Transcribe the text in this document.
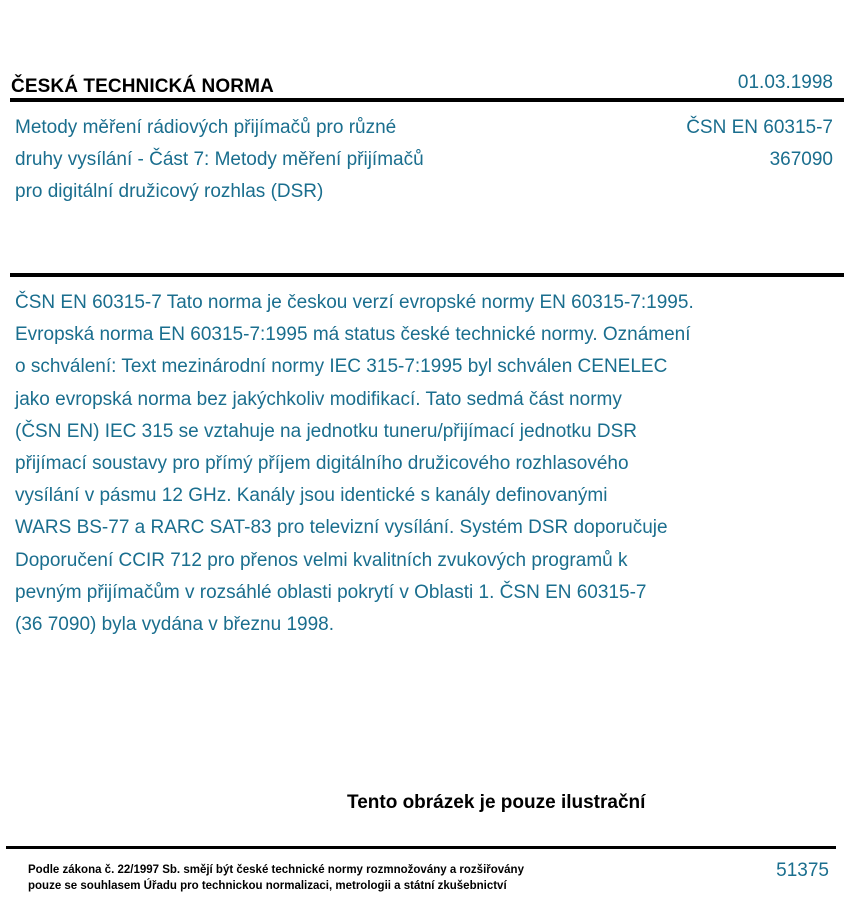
ČESKÁ TECHNICKÁ NORMA	01.03.1998
Metody měření rádiových přijímačů pro různé
druhy vysílání - Část 7: Metody měření přijímačů
pro digitální družicový rozhlas (DSR)
ČSN EN 60315-7
367090
ČSN EN 60315-7 Tato norma je českou verzí evropské normy EN 60315-7:1995.
Evropská norma EN 60315-7:1995 má status české technické normy. Oznámení
o schválení: Text mezinárodní normy IEC 315-7:1995 byl schválen CENELEC
jako evropská norma bez jakýchkoliv modifikací. Tato sedmá část normy
(ČSN EN) IEC 315 se vztahuje na jednotku tuneru/přijímací jednotku DSR
přijímací soustavy pro přímý příjem digitálního družicového rozhlasového
vysílání v pásmu 12 GHz. Kanály jsou identické s kanály definovanými
WARS BS-77 a RARC SAT-83 pro televizní vysílání. Systém DSR doporučuje
Doporučení CCIR 712 pro přenos velmi kvalitních zvukových programů k
pevným přijímačům v rozsáhlé oblasti pokrytí v Oblasti 1. ČSN EN 60315-7
(36 7090) byla vydána v březnu 1998.
Tento obrázek je pouze ilustrační
Podle zákona č. 22/1997 Sb. smějí být české technické normy rozmnožovány a rozšiřovány
pouze se souhlasem Úřadu pro technickou normalizaci, metrologii a státní zkušebnictví
51375
